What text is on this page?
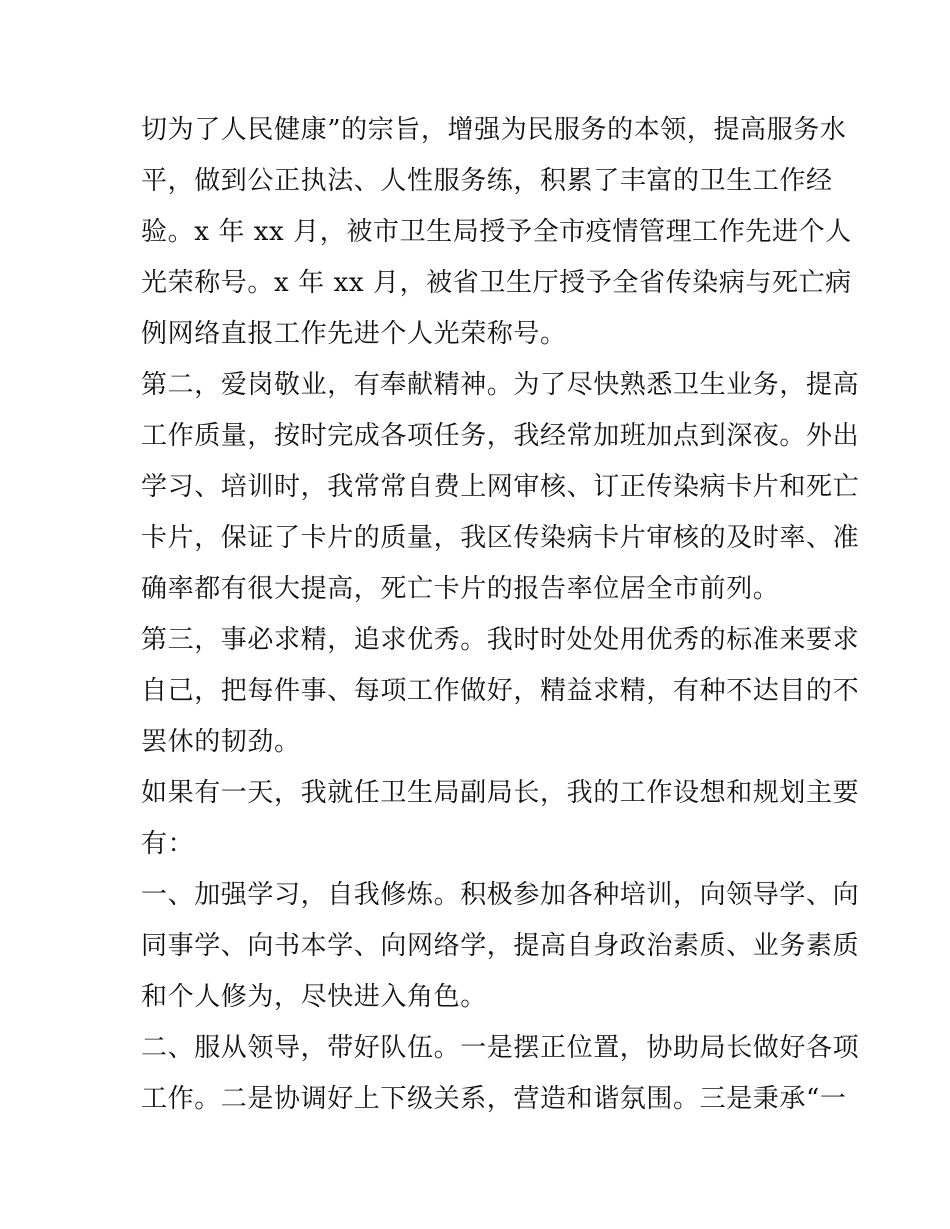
切为了人民健康”的宗旨，增强为民服务的本领，提高服务水
平，做到公正执法、人性服务练，积累了丰富的卫生工作经
验。x 年 xx 月，被市卫生局授予全市疫情管理工作先进个人
光荣称号。x 年 xx 月，被省卫生厅授予全省传染病与死亡病
例网络直报工作先进个人光荣称号。
第二，爱岗敬业，有奉献精神。为了尽快熟悉卫生业务，提高
工作质量，按时完成各项任务，我经常加班加点到深夜。外出
学习、培训时，我常常自费上网审核、订正传染病卡片和死亡
卡片，保证了卡片的质量，我区传染病卡片审核的及时率、准
确率都有很大提高，死亡卡片的报告率位居全市前列。
第三，事必求精，追求优秀。我时时处处用优秀的标准来要求
自己，把每件事、每项工作做好，精益求精，有种不达目的不
罢休的韧劲。
如果有一天，我就任卫生局副局长，我的工作设想和规划主要
有：
一、加强学习，自我修炼。积极参加各种培训，向领导学、向
同事学、向书本学、向网络学，提高自身政治素质、业务素质
和个人修为，尽快进入角色。
二、服从领导，带好队伍。一是摆正位置，协助局长做好各项
工作。二是协调好上下级关系，营造和谐氛围。三是秉承“一
